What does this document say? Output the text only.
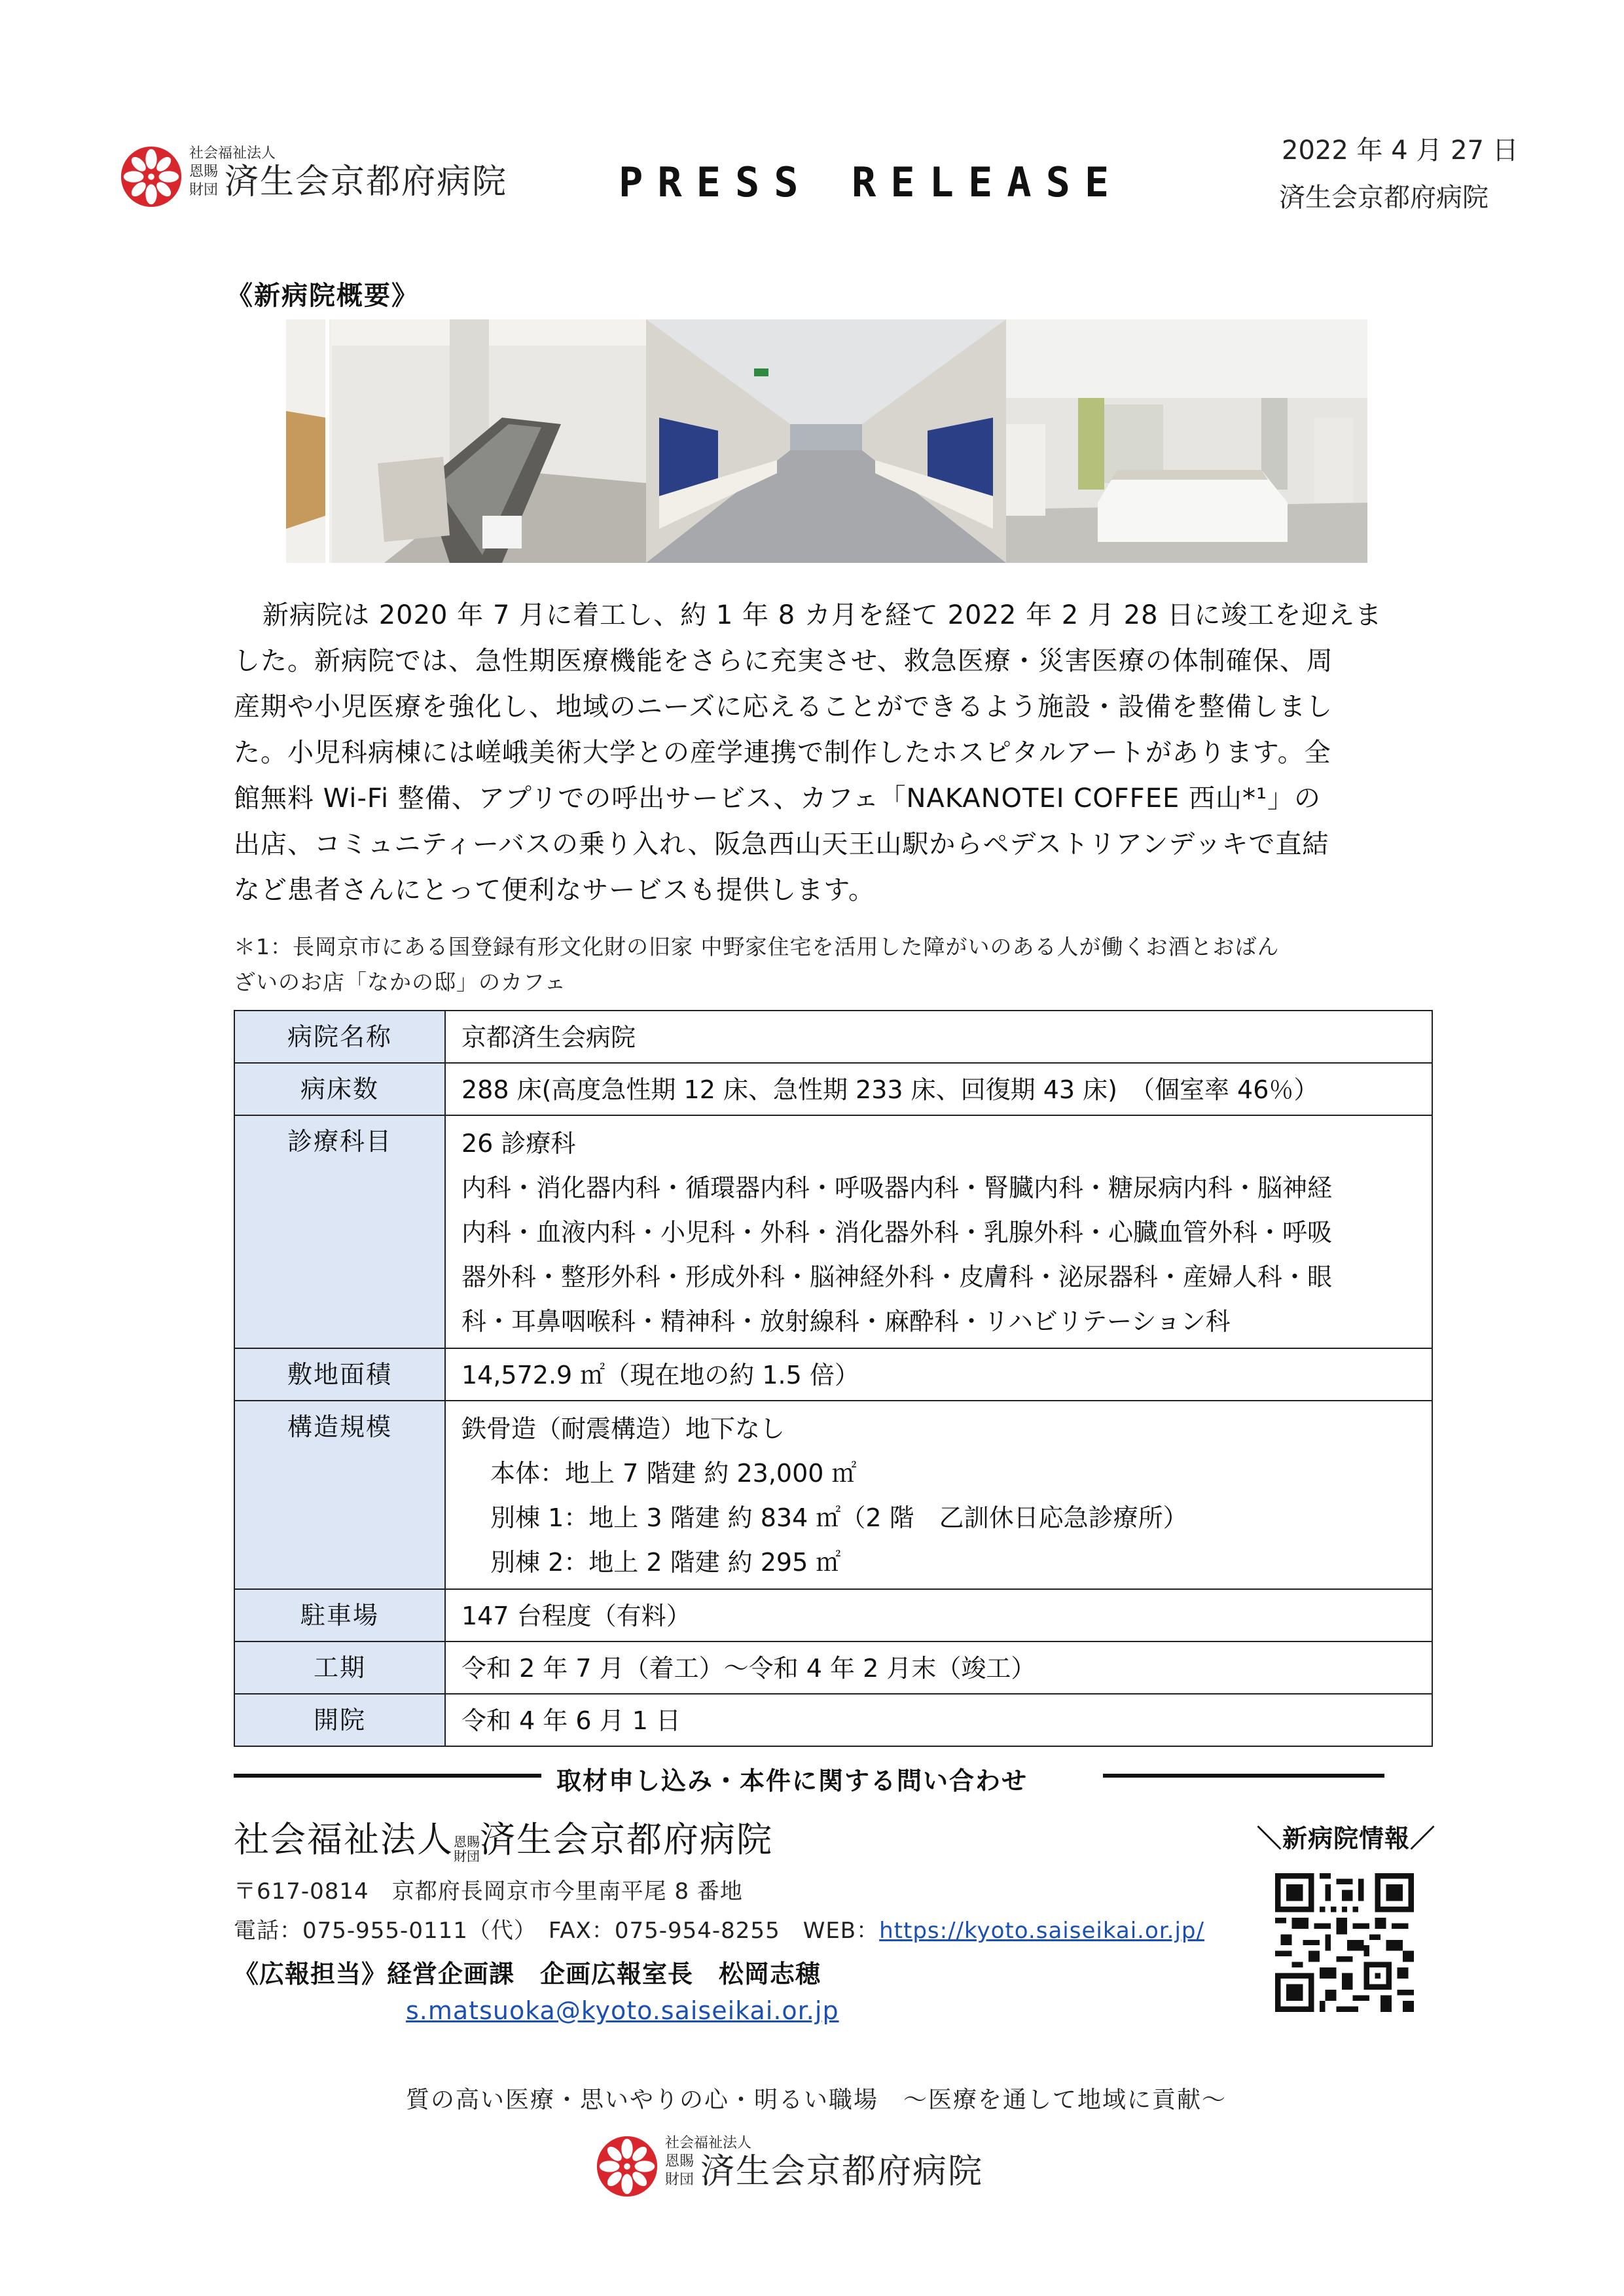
社会福祉法人
恩賜
財団 済生会京都府病院	PRESS RELEASE
2022 年 4 月 27 日
済生会京都府病院
《新病院概要》
新病院は 2020 年 7 月に着工し、約 1 年 8 カ月を経て 2022 年 2 月 28 日に竣工を迎えま
した。新病院では、急性期医療機能をさらに充実させ、救急医療・災害医療の体制確保、周
産期や小児医療を強化し、地域のニーズに応えることができるよう施設・設備を整備しまし
た。小児科病棟には嵯峨美術大学との産学連携で制作したホスピタルアートがあります。全
館無料 Wi-Fi 整備、アプリでの呼出サービス、カフェ「NAKANOTEI COFFEE 西山*¹」の
出店、コミュニティーバスの乗り入れ、阪急西山天王山駅からペデストリアンデッキで直結
など患者さんにとって便利なサービスも提供します。
＊1：長岡京市にある国登録有形文化財の旧家 中野家住宅を活用した障がいのある人が働くお酒とおばん
ざいのお店「なかの邸」のカフェ
病院名称	京都済生会病院
病床数	288 床(高度急性期 12 床、急性期 233 床、回復期 43 床)　（個室率 46％）
診療科目	26 診療科
内科・消化器内科・循環器内科・呼吸器内科・腎臓内科・糖尿病内科・脳神経
内科・血液内科・小児科・外科・消化器外科・乳腺外科・心臓血管外科・呼吸
器外科・整形外科・形成外科・脳神経外科・皮膚科・泌尿器科・産婦人科・眼
科・耳鼻咽喉科・精神科・放射線科・麻酔科・リハビリテーション科

敷地面積	14,572.9 ㎡（現在地の約 1.5 倍）
構造規模	鉄骨造（耐震構造）地下なし
本体：地上 7 階建 約 23,000 ㎡
別棟 1：地上 3 階建 約 834 ㎡（2 階　乙訓休日応急診療所）
別棟 2：地上 2 階建 約 295 ㎡

駐車場	147 台程度（有料）
工期	令和 2 年 7 月（着工）～令和 4 年 2 月末（竣工）
開院	令和 4 年 6 月 1 日
取材申し込み・本件に関する問い合わせ
社会福祉法人恩賜
財団済生会京都府病院
〒617-0814　京都府長岡京市今里南平尾 8 番地
電話：075-955-0111（代）　FAX：075-954-8255　WEB：https://kyoto.saiseikai.or.jp/
《広報担当》経営企画課　企画広報室長　松岡志穂
s.matsuoka@kyoto.saiseikai.or.jp
＼新病院情報／
質の高い医療・思いやりの心・明るい職場　～医療を通して地域に貢献～
社会福祉法人
恩賜
財団 済生会京都府病院
